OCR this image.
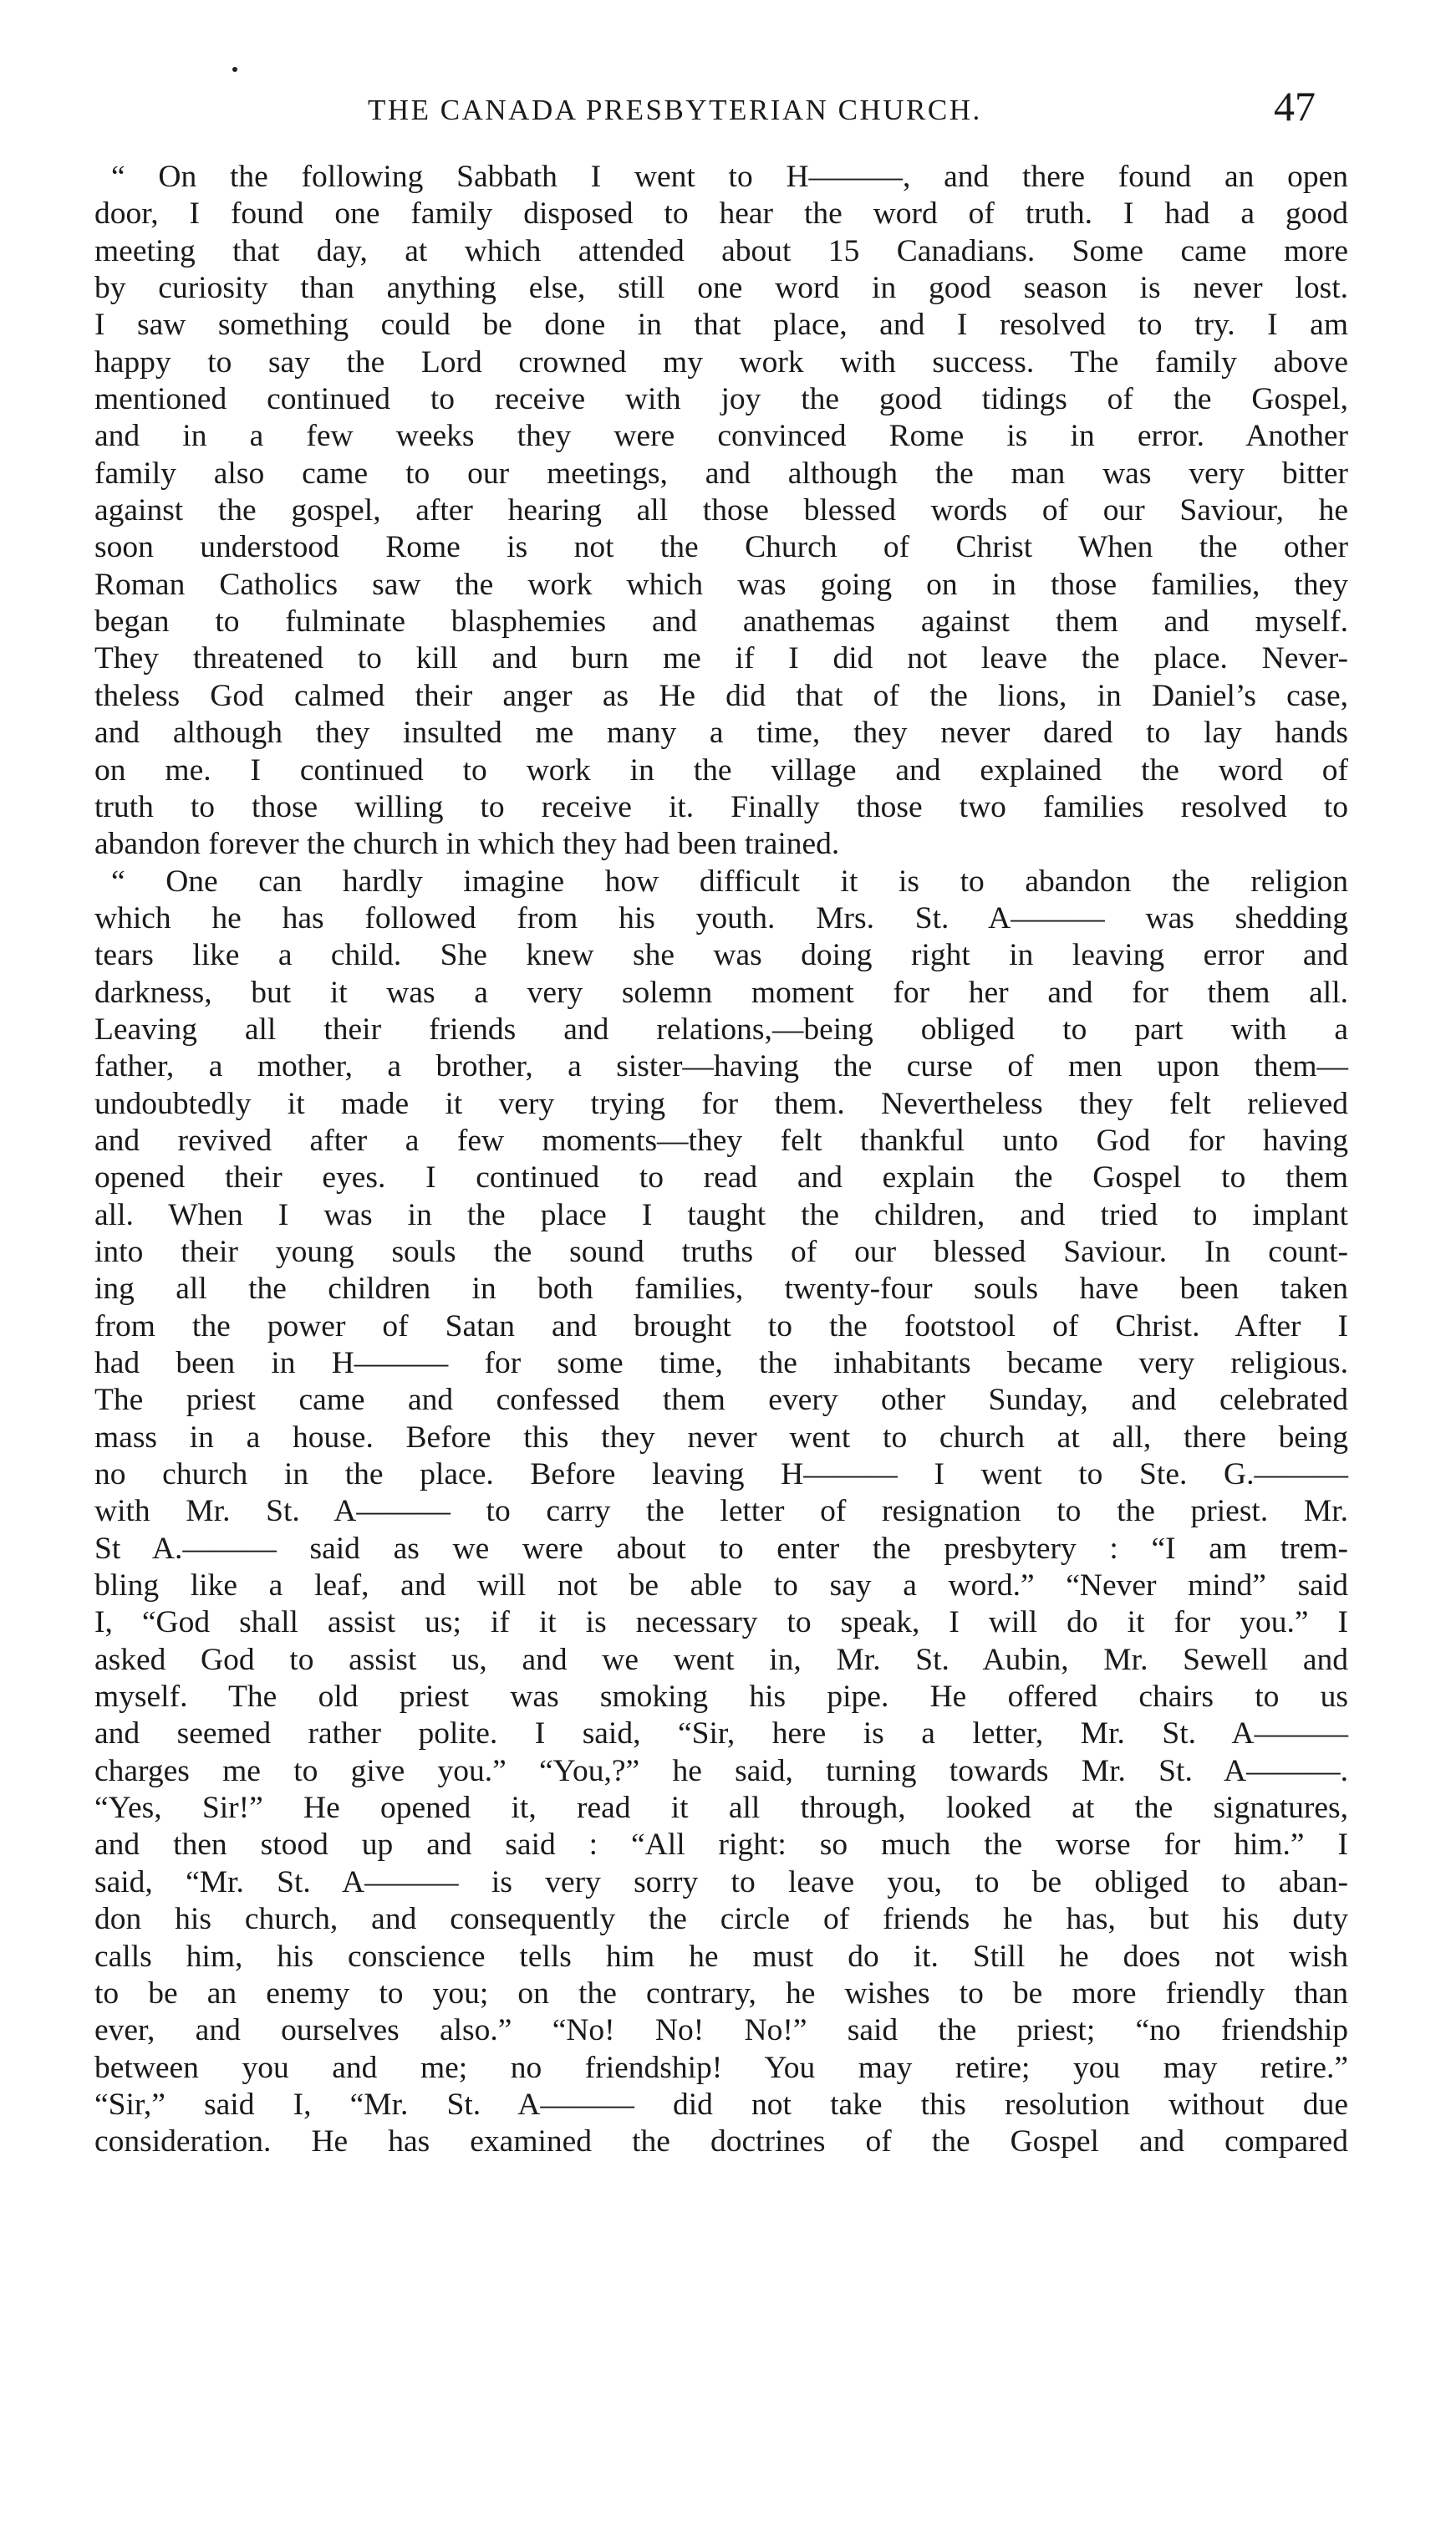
THE CANADA PRESBYTERIAN CHURCH.	47
“ On the following Sabbath I went to H———, and there found an open
door, I found one family disposed to hear the word of truth. I had a good
meeting that day, at which attended about 15 Canadians. Some came more
by curiosity than anything else, still one word in good season is never lost.
I saw something could be done in that place, and I resolved to try. I am
happy to say the Lord crowned my work with success. The family above
mentioned continued to receive with joy the good tidings of the Gospel,
and in a few weeks they were convinced Rome is in error. Another
family also came to our meetings, and although the man was very bitter
against the gospel, after hearing all those blessed words of our Saviour, he
soon understood Rome is not the Church of Christ When the other
Roman Catholics saw the work which was going on in those families, they
began to fulminate blasphemies and anathemas against them and myself.
They threatened to kill and burn me if I did not leave the place. Never-
theless God calmed their anger as He did that of the lions, in Daniel’s case,
and although they insulted me many a time, they never dared to lay hands
on me. I continued to work in the village and explained the word of
truth to those willing to receive it. Finally those two families resolved to
abandon forever the church in which they had been trained.
“ One can hardly imagine how difficult it is to abandon the religion
which he has followed from his youth. Mrs. St. A——— was shedding
tears like a child. She knew she was doing right in leaving error and
darkness, but it was a very solemn moment for her and for them all.
Leaving all their friends and relations,—being obliged to part with a
father, a mother, a brother, a sister—having the curse of men upon them—
undoubtedly it made it very trying for them. Nevertheless they felt relieved
and revived after a few moments—they felt thankful unto God for having
opened their eyes. I continued to read and explain the Gospel to them
all. When I was in the place I taught the children, and tried to implant
into their young souls the sound truths of our blessed Saviour. In count-
ing all the children in both families, twenty-four souls have been taken
from the power of Satan and brought to the footstool of Christ. After I
had been in H——— for some time, the inhabitants became very religious.
The priest came and confessed them every other Sunday, and celebrated
mass in a house. Before this they never went to church at all, there being
no church in the place. Before leaving H——— I went to Ste. G.———
with Mr. St. A——— to carry the letter of resignation to the priest. Mr.
St A.——— said as we were about to enter the presbytery : “I am trem-
bling like a leaf, and will not be able to say a word.” “Never mind” said
I, “God shall assist us; if it is necessary to speak, I will do it for you.” I
asked God to assist us, and we went in, Mr. St. Aubin, Mr. Sewell and
myself. The old priest was smoking his pipe. He offered chairs to us
and seemed rather polite. I said, “Sir, here is a letter, Mr. St. A———
charges me to give you.” “You,?” he said, turning towards Mr. St. A———.
“Yes, Sir!” He opened it, read it all through, looked at the signatures,
and then stood up and said : “All right: so much the worse for him.” I
said, “Mr. St. A——— is very sorry to leave you, to be obliged to aban-
don his church, and consequently the circle of friends he has, but his duty
calls him, his conscience tells him he must do it. Still he does not wish
to be an enemy to you; on the contrary, he wishes to be more friendly than
ever, and ourselves also.” “No! No! No!” said the priest; “no friendship
between you and me; no friendship! You may retire; you may retire.”
“Sir,” said I, “Mr. St. A——— did not take this resolution without due
consideration. He has examined the doctrines of the Gospel and compared
